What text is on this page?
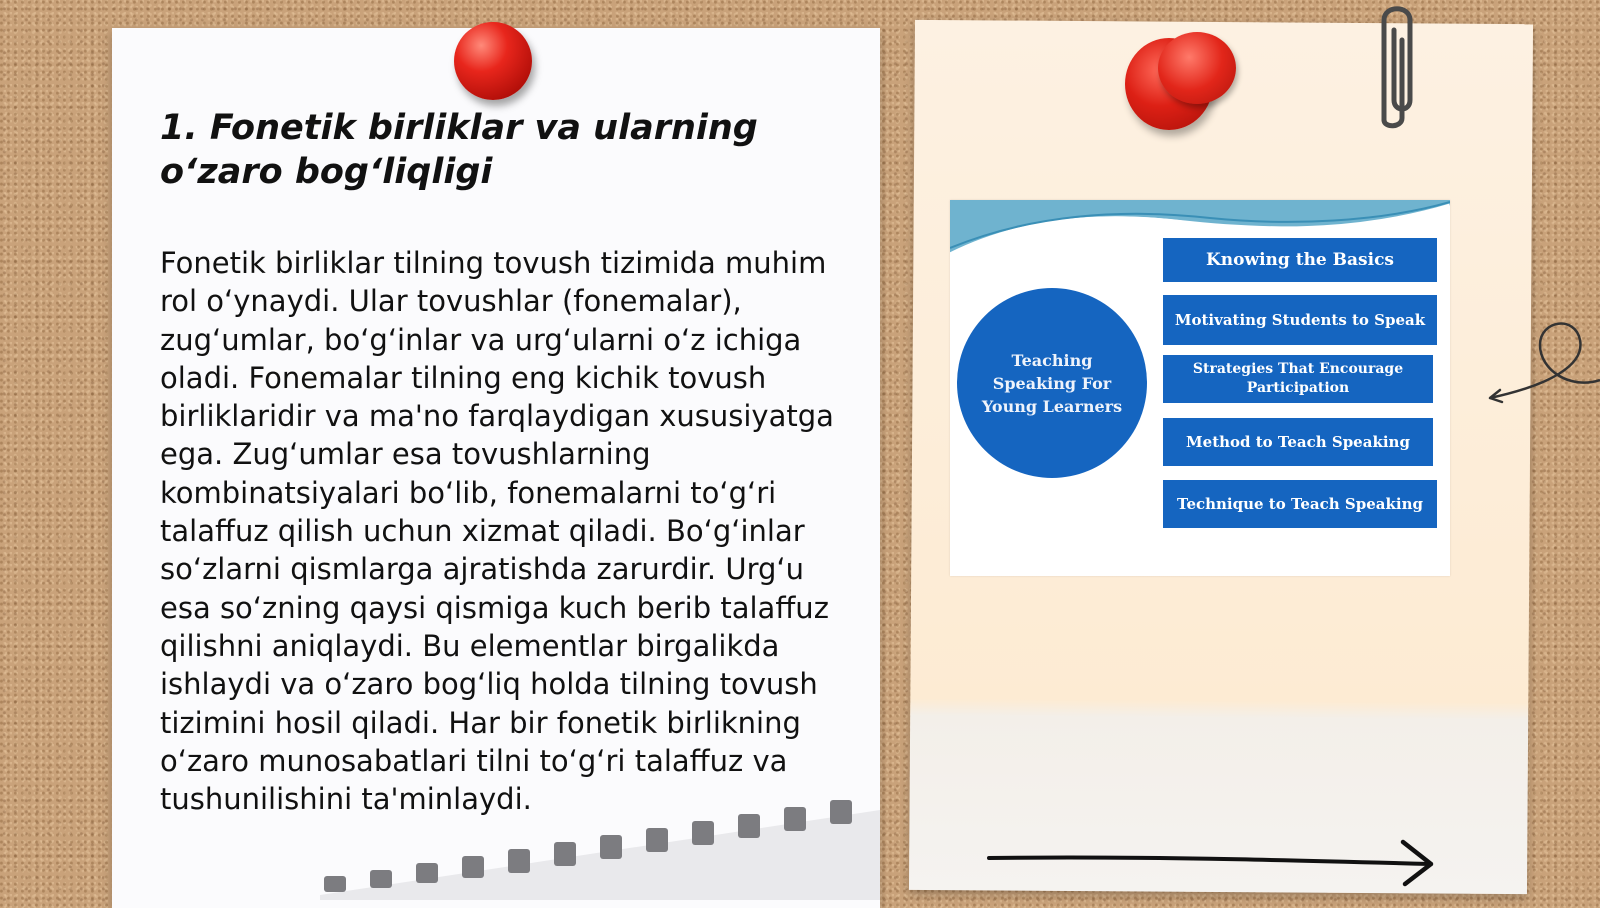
1. Fonetik birliklar va ularning o‘zaro bog‘liqligi

Fonetik birliklar tilning tovush tizimida muhim rol o‘ynaydi. Ular tovushlar (fonemalar), zug‘umlar, bo‘g‘inlar va urg‘ularni o‘z ichiga oladi. Fonemalar tilning eng kichik tovush birliklaridir va ma'no farqlaydigan xususiyatga ega. Zug‘umlar esa tovushlarning kombinatsiyalari bo‘lib, fonemalarni to‘g‘ri talaffuz qilish uchun xizmat qiladi. Bo‘g‘inlar so‘zlarni qismlarga ajratishda zarurdir. Urg‘u esa so‘zning qaysi qismiga kuch berib talaffuz qilishni aniqlaydi. Bu elementlar birgalikda ishlaydi va o‘zaro bog‘liq holda tilning tovush tizimini hosil qiladi. Har bir fonetik birlikning o‘zaro munosabatlari tilni to‘g‘ri talaffuz va tushunilishini ta'minlaydi.

Teaching Speaking For Young Learners
Knowing the Basics
Motivating Students to Speak
Strategies That Encourage Participation
Method to Teach Speaking
Technique to Teach Speaking
